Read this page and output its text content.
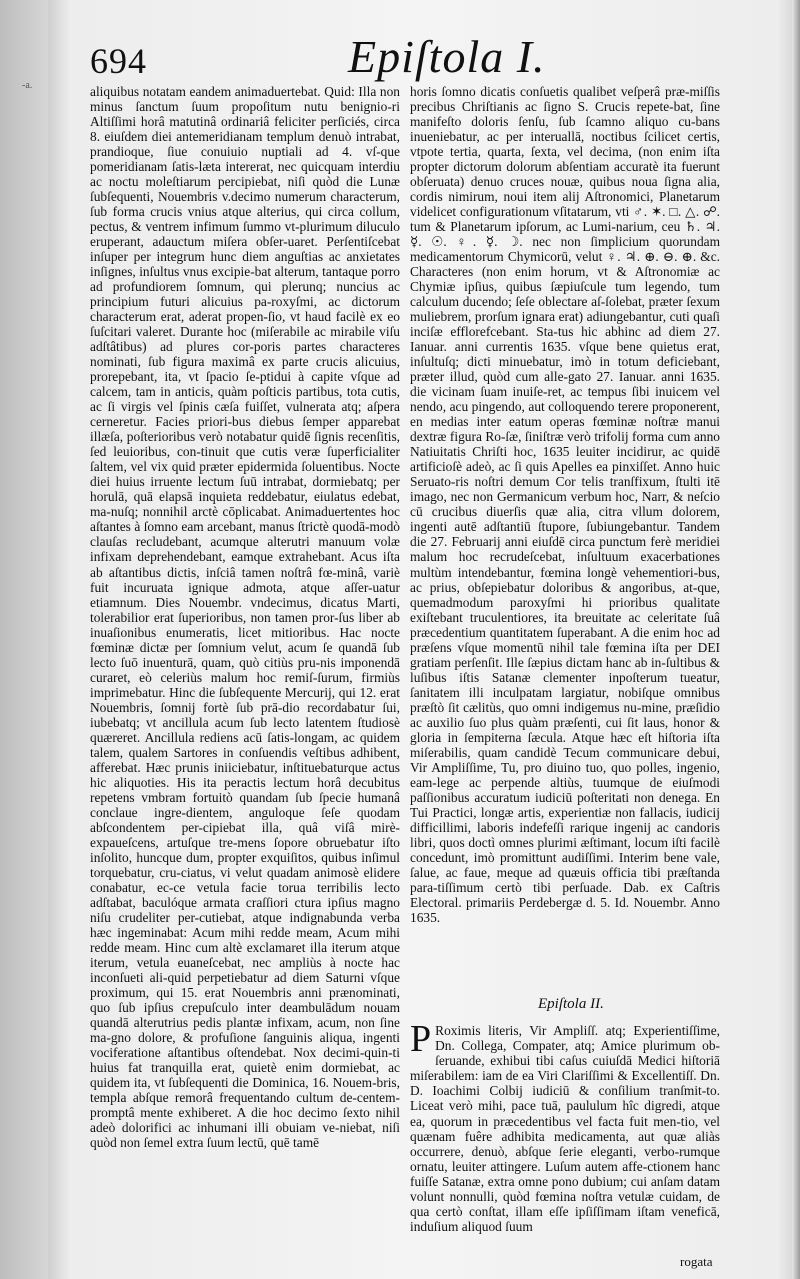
-a.
694	Epiſtola I.

aliquibus notatam eandem animaduertebat. Quid: Illa non minus ſanctum ſuum propoſitum nutu benignio-ri Altiſſimi horâ matutinâ ordinariâ feliciter perſiciés, circa 8. eiuſdem diei antemeridianam templum denuò intrabat, prandioque, ſiue conuiuio nuptiali ad 4. vſ-que pomeridianam ſatis-læta intererat, nec quicquam interdiu ac noctu moleſtiarum percipiebat, niſi quòd die Lunæ ſubſequenti, Nouembris v.decimo numerum characterum, ſub forma crucis vnius atque alterius, qui circa collum, pectus, & ventrem infimum ſummo vt-plurimum diluculo eruperant, adauctum miſera obſer-uaret. Perſentiſcebat inſuper per integrum hunc diem anguſtias ac anxietates inſignes, inſultus vnus excipie-bat alterum, tantaque porro ad profundiorem ſomnum, qui plerunq; nuncius ac principium futuri alicuius pa-roxyſmi, ac dictorum characterum erat, aderat propen-ſio, vt haud facilè ex eo ſuſcitari valeret. Durante hoc (miſerabile ac mirabile viſu adſtâtibus) ad plures cor-poris partes characteres nominati, ſub figura maximâ ex parte crucis alicuius, prorepebant, ita, vt ſpacio ſe-ptidui à capite vſque ad calcem, tam in anticis, quàm poſticis partibus, tota cutis, ac ſi virgis vel ſpinis cæſa fuiſſet, vulnerata atq; aſpera cerneretur. Facies priori-bus diebus ſemper apparebat illæſa, poſterioribus verò notabatur quidē ſignis recenſitis, ſed leuioribus, con-tinuit que cutis veræ ſuperficialiter ſaltem, vel vix quid præter epidermida ſoluentibus. Nocte diei huius irruente lectum ſuū intrabat, dormiebatq; per horulā, quā elapsā inquieta reddebatur, eiulatus edebat, ma-nuſq; nonnihil arctè cōplicabat. Animaduertentes hoc aſtantes à ſomno eam arcebant, manus ſtrictè quodā-modò clauſas recludebant, acumque alterutri manuum volæ infixam deprehendebant, eamque extrahebant. Acus iſta ab aſtantibus dictis, inſciâ tamen noſtrâ fœ-minâ, variè fuit incuruata ignique admota, atque aſſer-uatur etiamnum. Dies Nouembr. vndecimus, dicatus Marti, tolerabilior erat ſuperioribus, non tamen pror-ſus liber ab inuaſionibus enumeratis, licet mitioribus. Hac nocte fœminæ dictæ per ſomnium velut, acum ſe quandā ſub lecto ſuō inuenturā, quam, quò citiùs pru-nis imponendā curaret, eò celeriùs malum hoc remiſ-ſurum, firmiùs imprimebatur. Hinc die ſubſequente Mercurij, qui 12. erat Nouembris, ſomnij fortè ſub prā-dio recordabatur ſui, iubebatq; vt ancillula acum ſub lecto latentem ſtudiosè quæreret. Ancillula rediens acū ſatis-longam, ac quidem talem, qualem Sartores in conſuendis veſtibus adhibent, afferebat. Hæc prunis iniiciebatur, inſtituebaturque actus hic aliquoties. His ita peractis lectum horâ decubitus repetens vmbram fortuitò quandam ſub ſpecie humanâ conclaue ingre-dientem, anguloque ſeſe quodam abſcondentem per-cipiebat illa, quâ viſâ mirè-expaueſcens, artuſque tre-mens ſopore obruebatur iſto inſolito, huncque dum, propter exquiſitos, quibus inſimul torquebatur, cru-ciatus, vi velut quadam animosè elidere conabatur, ec-ce vetula facie torua terribilis lecto adſtabat, baculóque armata craſſiori ctura ipſius magno niſu crudeliter per-cutiebat, atque indignabunda verba hæc ingeminabat: Acum mihi redde meam, Acum mihi redde meam. Hinc cum altè exclamaret illa iterum atque iterum, vetula euaneſcebat, nec ampliùs à nocte hac inconſueti ali-quid perpetiebatur ad diem Saturni vſque proximum, qui 15. erat Nouembris anni prænominati, quo ſub ipſius crepuſculo inter deambulādum nouam quandā alterutrius pedis plantæ infixam, acum, non ſine ma-gno dolore, & profuſione ſanguinis aliqua, ingenti vociferatione aſtantibus oſtendebat. Nox decimi-quin-ti huius fat tranquilla erat, quietè enim dormiebat, ac quidem ita, vt ſubſequenti die Dominica, 16. Nouem-bris, templa abſque remorâ frequentando cultum de-centem-promptâ mente exhiberet. A die hoc decimo ſexto nihil adeò dolorifici ac inhumani illi obuiam ve-niebat, niſi quòd non ſemel extra ſuum lectū, quē tamē

horis ſomno dicatis conſuetis qualibet veſperâ præ-miſſis precibus Chriſtianis ac ſigno S. Crucis repete-bat, ſine manifeſto doloris ſenſu, ſub ſcamno aliquo cu-bans inueniebatur, ac per interuallā, noctibus ſcilicet certis, vtpote tertia, quarta, ſexta, vel decima, (non enim iſta propter dictorum dolorum abſentiam accuratè ita fuerunt obſeruata) denuo cruces nouæ, quibus noua ſigna alia, cordis nimirum, noui item alij Aſtronomici, Planetarum videlicet configurationum vſitatarum, vti ♂. ✶. □. △. ☍. tum & Planetarum ipſorum, ac Lumi-narium, ceu ♄. ♃. ☿. ☉. ♀. ☿. ☽. nec non ſimplicium quorundam medicamentorum Chymicorū, velut ♀. ♃. ⊕. ⊖. ⊕. &c. Characteres (non enim horum, vt & Aſtronomiæ ac Chymiæ ipſius, quibus ſæpiuſcule tum legendo, tum calculum ducendo; ſeſe oblectare aſ-ſolebat, præter ſexum muliebrem, prorſum ignara erat) adiungebantur, cuti quaſi inciſæ efflorefcebant. Sta-tus hic abhinc ad diem 27. Ianuar. anni currentis 1635. vſque bene quietus erat, inſultuſq; dicti minuebatur, imò in totum deficiebant, præter illud, quòd cum alle-gato 27. Ianuar. anni 1635. die vicinam ſuam inuiſe-ret, ac tempus ſibi inuicem vel nendo, acu pingendo, aut colloquendo terere proponerent, en medias inter eatum operas fœminæ noſtræ manui dextræ figura Ro-ſæ, ſiniſtræ verò trifolij forma cum anno Natiuitatis Chriſti hoc, 1635 leuiter incidirur, ac quidē artificioſè adeò, ac ſi quis Apelles ea pinxiſſet. Anno huic Seruato-ris noſtri demum Cor telis tranſfixum, ſtulti itē imago, nec non Germanicum verbum hoc, Narr, & neſcio cū crucibus diuerſis quæ alia, citra vllum dolorem, ingenti autē adſtantiū ſtupore, ſubiungebantur. Tandem die 27. Februarij anni eiuſdē circa punctum ferè meridiei malum hoc recrudeſcebat, inſultuum exacerbationes multùm intendebantur, fœmina longè vehementiori-bus, ac prius, obſepiebatur doloribus & angoribus, at-que, quemadmodum paroxyſmi hi prioribus qualitate exiſtebant truculentiores, ita breuitate ac celeritate ſuâ præcedentium quantitatem ſuperabant. A die enim hoc ad præſens vſque momentū nihil tale fœmina iſta per DEI gratiam perſenſit. Ille ſæpius dictam hanc ab in-ſultibus & luſibus iſtis Satanæ clementer inpoſterum tueatur, ſanitatem illi inculpatam largiatur, nobiſque omnibus præſtò ſit cælitùs, quo omni indigemus nu-mine, præſidio ac auxilio ſuo plus quàm præſenti, cui ſit laus, honor & gloria in ſempiterna ſæcula. Atque hæc eſt hiſtoria iſta miſerabilis, quam candidè Tecum communicare debui, Vir Ampliſſime, Tu, pro diuino tuo, quo polles, ingenio, eam-lege ac perpende altiùs, tuumque de eiuſmodi paſſionibus accuratum iudiciū poſteritati non denega. En Tui Practici, longæ artis, experientiæ non fallacis, iudicij difficillimi, laboris indefeſſi rarique ingenij ac candoris libri, quos doctì omnes plurimi æſtimant, locum iſti facilè concedunt, imò promittunt audiſſimi. Interim bene vale, ſalue, ac faue, meque ad quæuis officia tibi præſtanda para-tiſſimum certò tibi perſuade. Dab. ex Caſtris Electoral. primariis Perdebergæ d. 5. Id. Nouembr. Anno 1635.

Epiſtola II.
P Roximis literis, Vir Ampliſſ. atq; Experientiſſime, Dn. Collega, Compater, atq; Amice plurimum ob-ſeruande, exhibui tibi caſus cuiuſdā Medici hiſtoriā miſerabilem: iam de ea Viri Clariſſimi & Excellentiſſ. Dn. D. Ioachimi Colbij iudiciū & conſilium tranſmit-to. Liceat verò mihi, pace tuā, paululum hîc digredi, atque ea, quorum in præcedentibus vel facta fuit men-tio, vel quænam fuêre adhibita medicamenta, aut quæ aliàs occurrere, denuò, abſque ſerie eleganti, verbo-rumque ornatu, leuiter attingere. Luſum autem affe-ctionem hanc fuiſſe Satanæ, extra omne pono dubium; cui anſam datam volunt nonnulli, quòd fœmina noſtra vetulæ cuidam, de qua certò conſtat, illam eſſe ipſiſſimam iſtam veneficā, induſium aliquod ſuum

rogata
